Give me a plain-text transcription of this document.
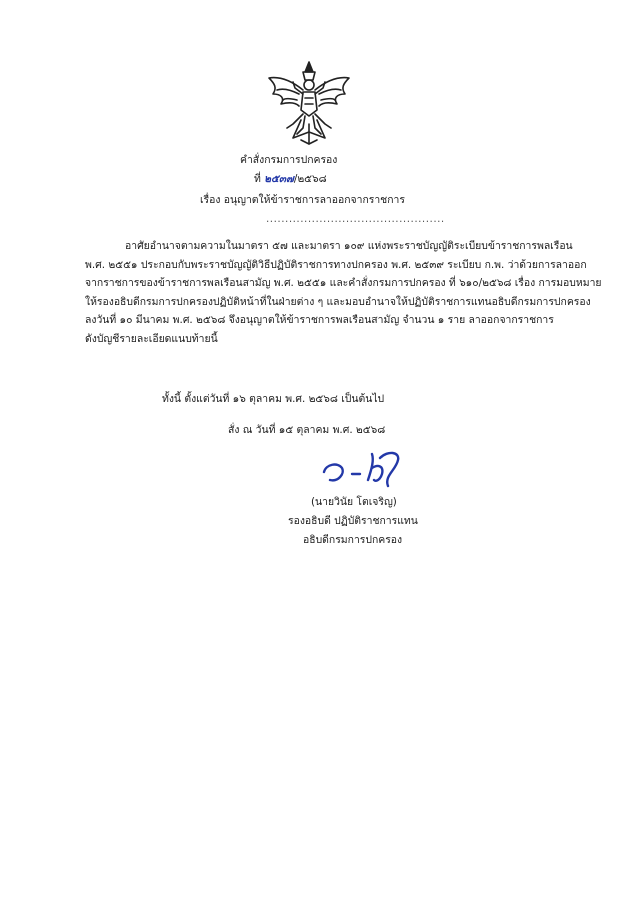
คำสั่งกรมการปกครอง
ที่ ๒๕๓๗/๒๕๖๘
เรื่อง อนุญาตให้ข้าราชการลาออกจากราชการ
...............................................
อาศัยอำนาจตามความในมาตรา ๕๗ และมาตรา ๑๐๙ แห่งพระราชบัญญัติระเบียบข้าราชการพลเรือน
พ.ศ. ๒๕๕๑ ประกอบกับพระราชบัญญัติวิธีปฏิบัติราชการทางปกครอง พ.ศ. ๒๕๓๙ ระเบียบ ก.พ. ว่าด้วยการลาออก
จากราชการของข้าราชการพลเรือนสามัญ พ.ศ. ๒๕๕๑ และคำสั่งกรมการปกครอง ที่ ๖๑๐/๒๕๖๘ เรื่อง การมอบหมาย
ให้รองอธิบดีกรมการปกครองปฏิบัติหน้าที่ในฝ่ายต่าง ๆ และมอบอำนาจให้ปฏิบัติราชการแทนอธิบดีกรมการปกครอง
ลงวันที่ ๑๐ มีนาคม พ.ศ. ๒๕๖๘ จึงอนุญาตให้ข้าราชการพลเรือนสามัญ จำนวน ๑ ราย ลาออกจากราชการ
ดังบัญชีรายละเอียดแนบท้ายนี้
ทั้งนี้ ตั้งแต่วันที่ ๑๖ ตุลาคม พ.ศ. ๒๕๖๘ เป็นต้นไป
สั่ง ณ วันที่ ๑๕ ตุลาคม พ.ศ. ๒๕๖๘
(นายวินัย โตเจริญ)
รองอธิบดี ปฏิบัติราชการแทน
อธิบดีกรมการปกครอง
